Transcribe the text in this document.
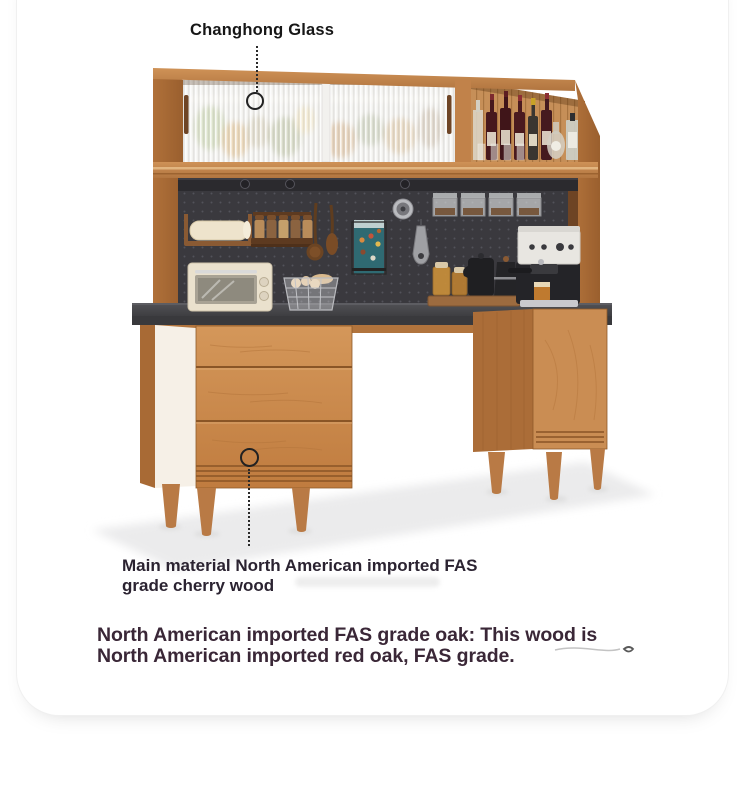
Changhong Glass
Main material North American imported FAS grade cherry wood
North American imported FAS grade oak: This wood is North American imported red oak, FAS grade.
